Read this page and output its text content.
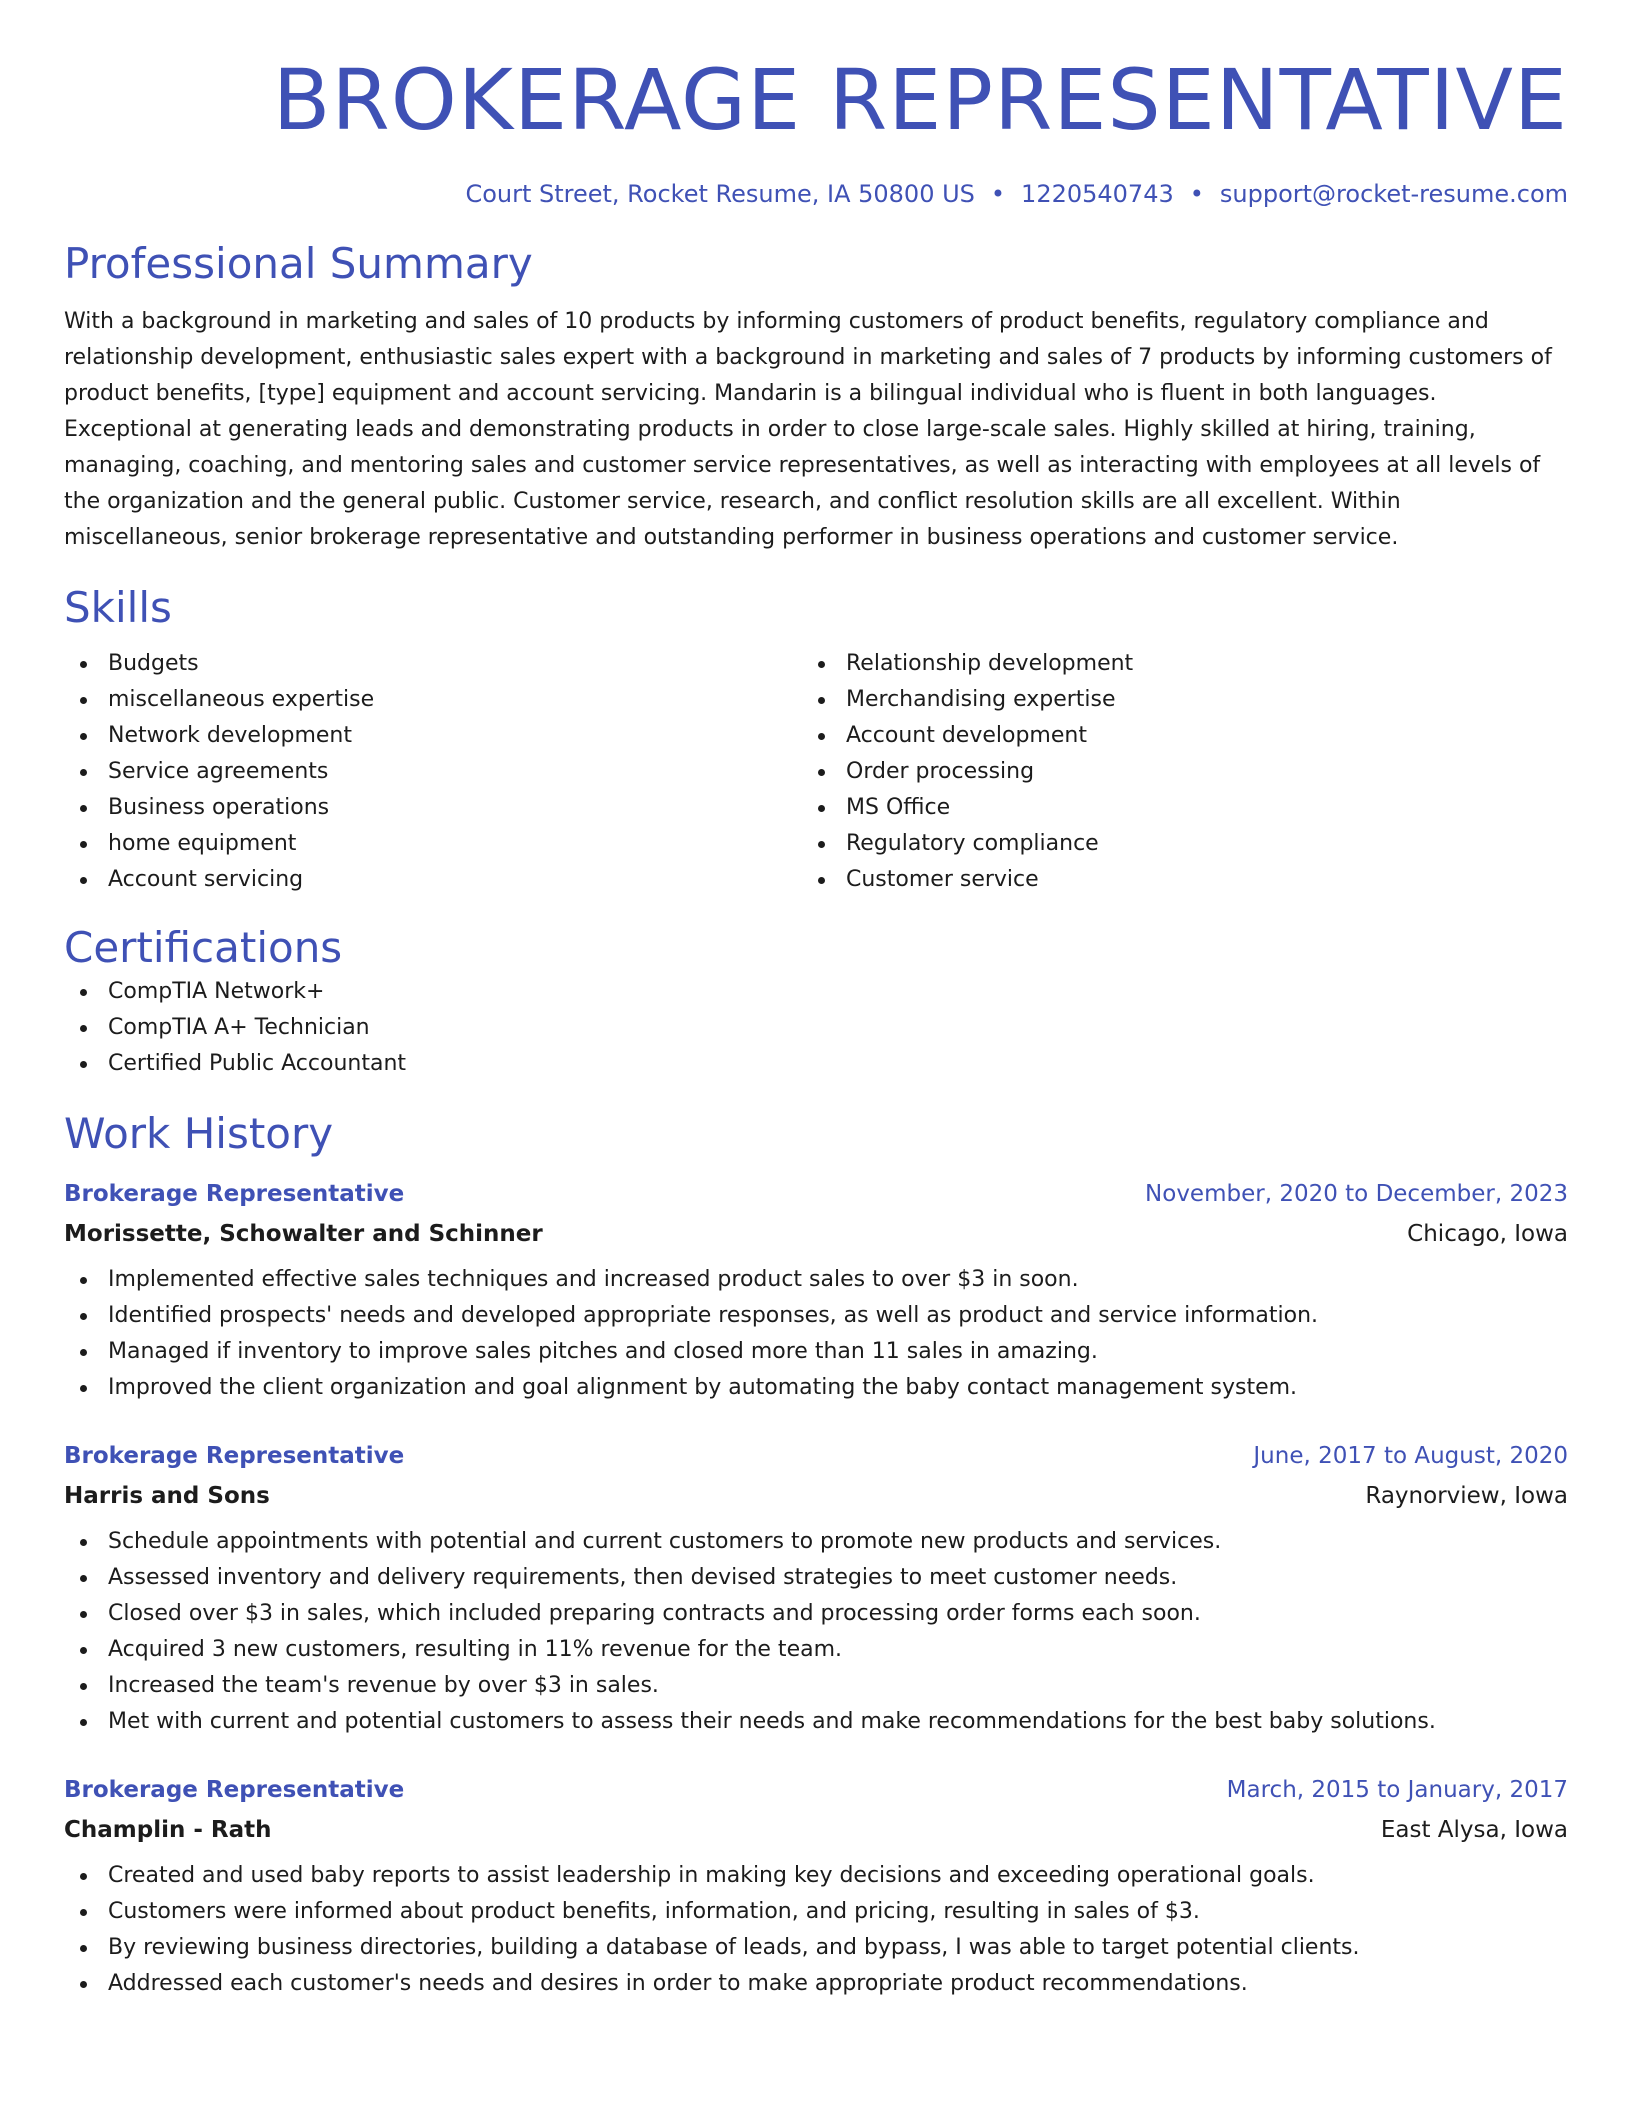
BROKERAGE REPRESENTATIVE
Court Street, Rocket Resume, IA 50800 US • 1220540743 • support@rocket-resume.com
Professional Summary
With a background in marketing and sales of 10 products by informing customers of product benefits, regulatory compliance and relationship development, enthusiastic sales expert with a background in marketing and sales of 7 products by informing customers of product benefits, [type] equipment and account servicing. Mandarin is a bilingual individual who is fluent in both languages. Exceptional at generating leads and demonstrating products in order to close large-scale sales. Highly skilled at hiring, training, managing, coaching, and mentoring sales and customer service representatives, as well as interacting with employees at all levels of the organization and the general public. Customer service, research, and conflict resolution skills are all excellent. Within miscellaneous, senior brokerage representative and outstanding performer in business operations and customer service.
Skills
Budgets
miscellaneous expertise
Network development
Service agreements
Business operations
home equipment
Account servicing
Relationship development
Merchandising expertise
Account development
Order processing
MS Office
Regulatory compliance
Customer service
Certifications
CompTIA Network+
CompTIA A+ Technician
Certified Public Accountant
Work History
Brokerage Representative	November, 2020 to December, 2023
Morissette, Schowalter and Schinner	Chicago, Iowa
Implemented effective sales techniques and increased product sales to over $3 in soon.
Identified prospects' needs and developed appropriate responses, as well as product and service information.
Managed if inventory to improve sales pitches and closed more than 11 sales in amazing.
Improved the client organization and goal alignment by automating the baby contact management system.
Brokerage Representative	June, 2017 to August, 2020
Harris and Sons	Raynorview, Iowa
Schedule appointments with potential and current customers to promote new products and services.
Assessed inventory and delivery requirements, then devised strategies to meet customer needs.
Closed over $3 in sales, which included preparing contracts and processing order forms each soon.
Acquired 3 new customers, resulting in 11% revenue for the team.
Increased the team's revenue by over $3 in sales.
Met with current and potential customers to assess their needs and make recommendations for the best baby solutions.
Brokerage Representative	March, 2015 to January, 2017
Champlin - Rath	East Alysa, Iowa
Created and used baby reports to assist leadership in making key decisions and exceeding operational goals.
Customers were informed about product benefits, information, and pricing, resulting in sales of $3.
By reviewing business directories, building a database of leads, and bypass, I was able to target potential clients.
Addressed each customer's needs and desires in order to make appropriate product recommendations.
